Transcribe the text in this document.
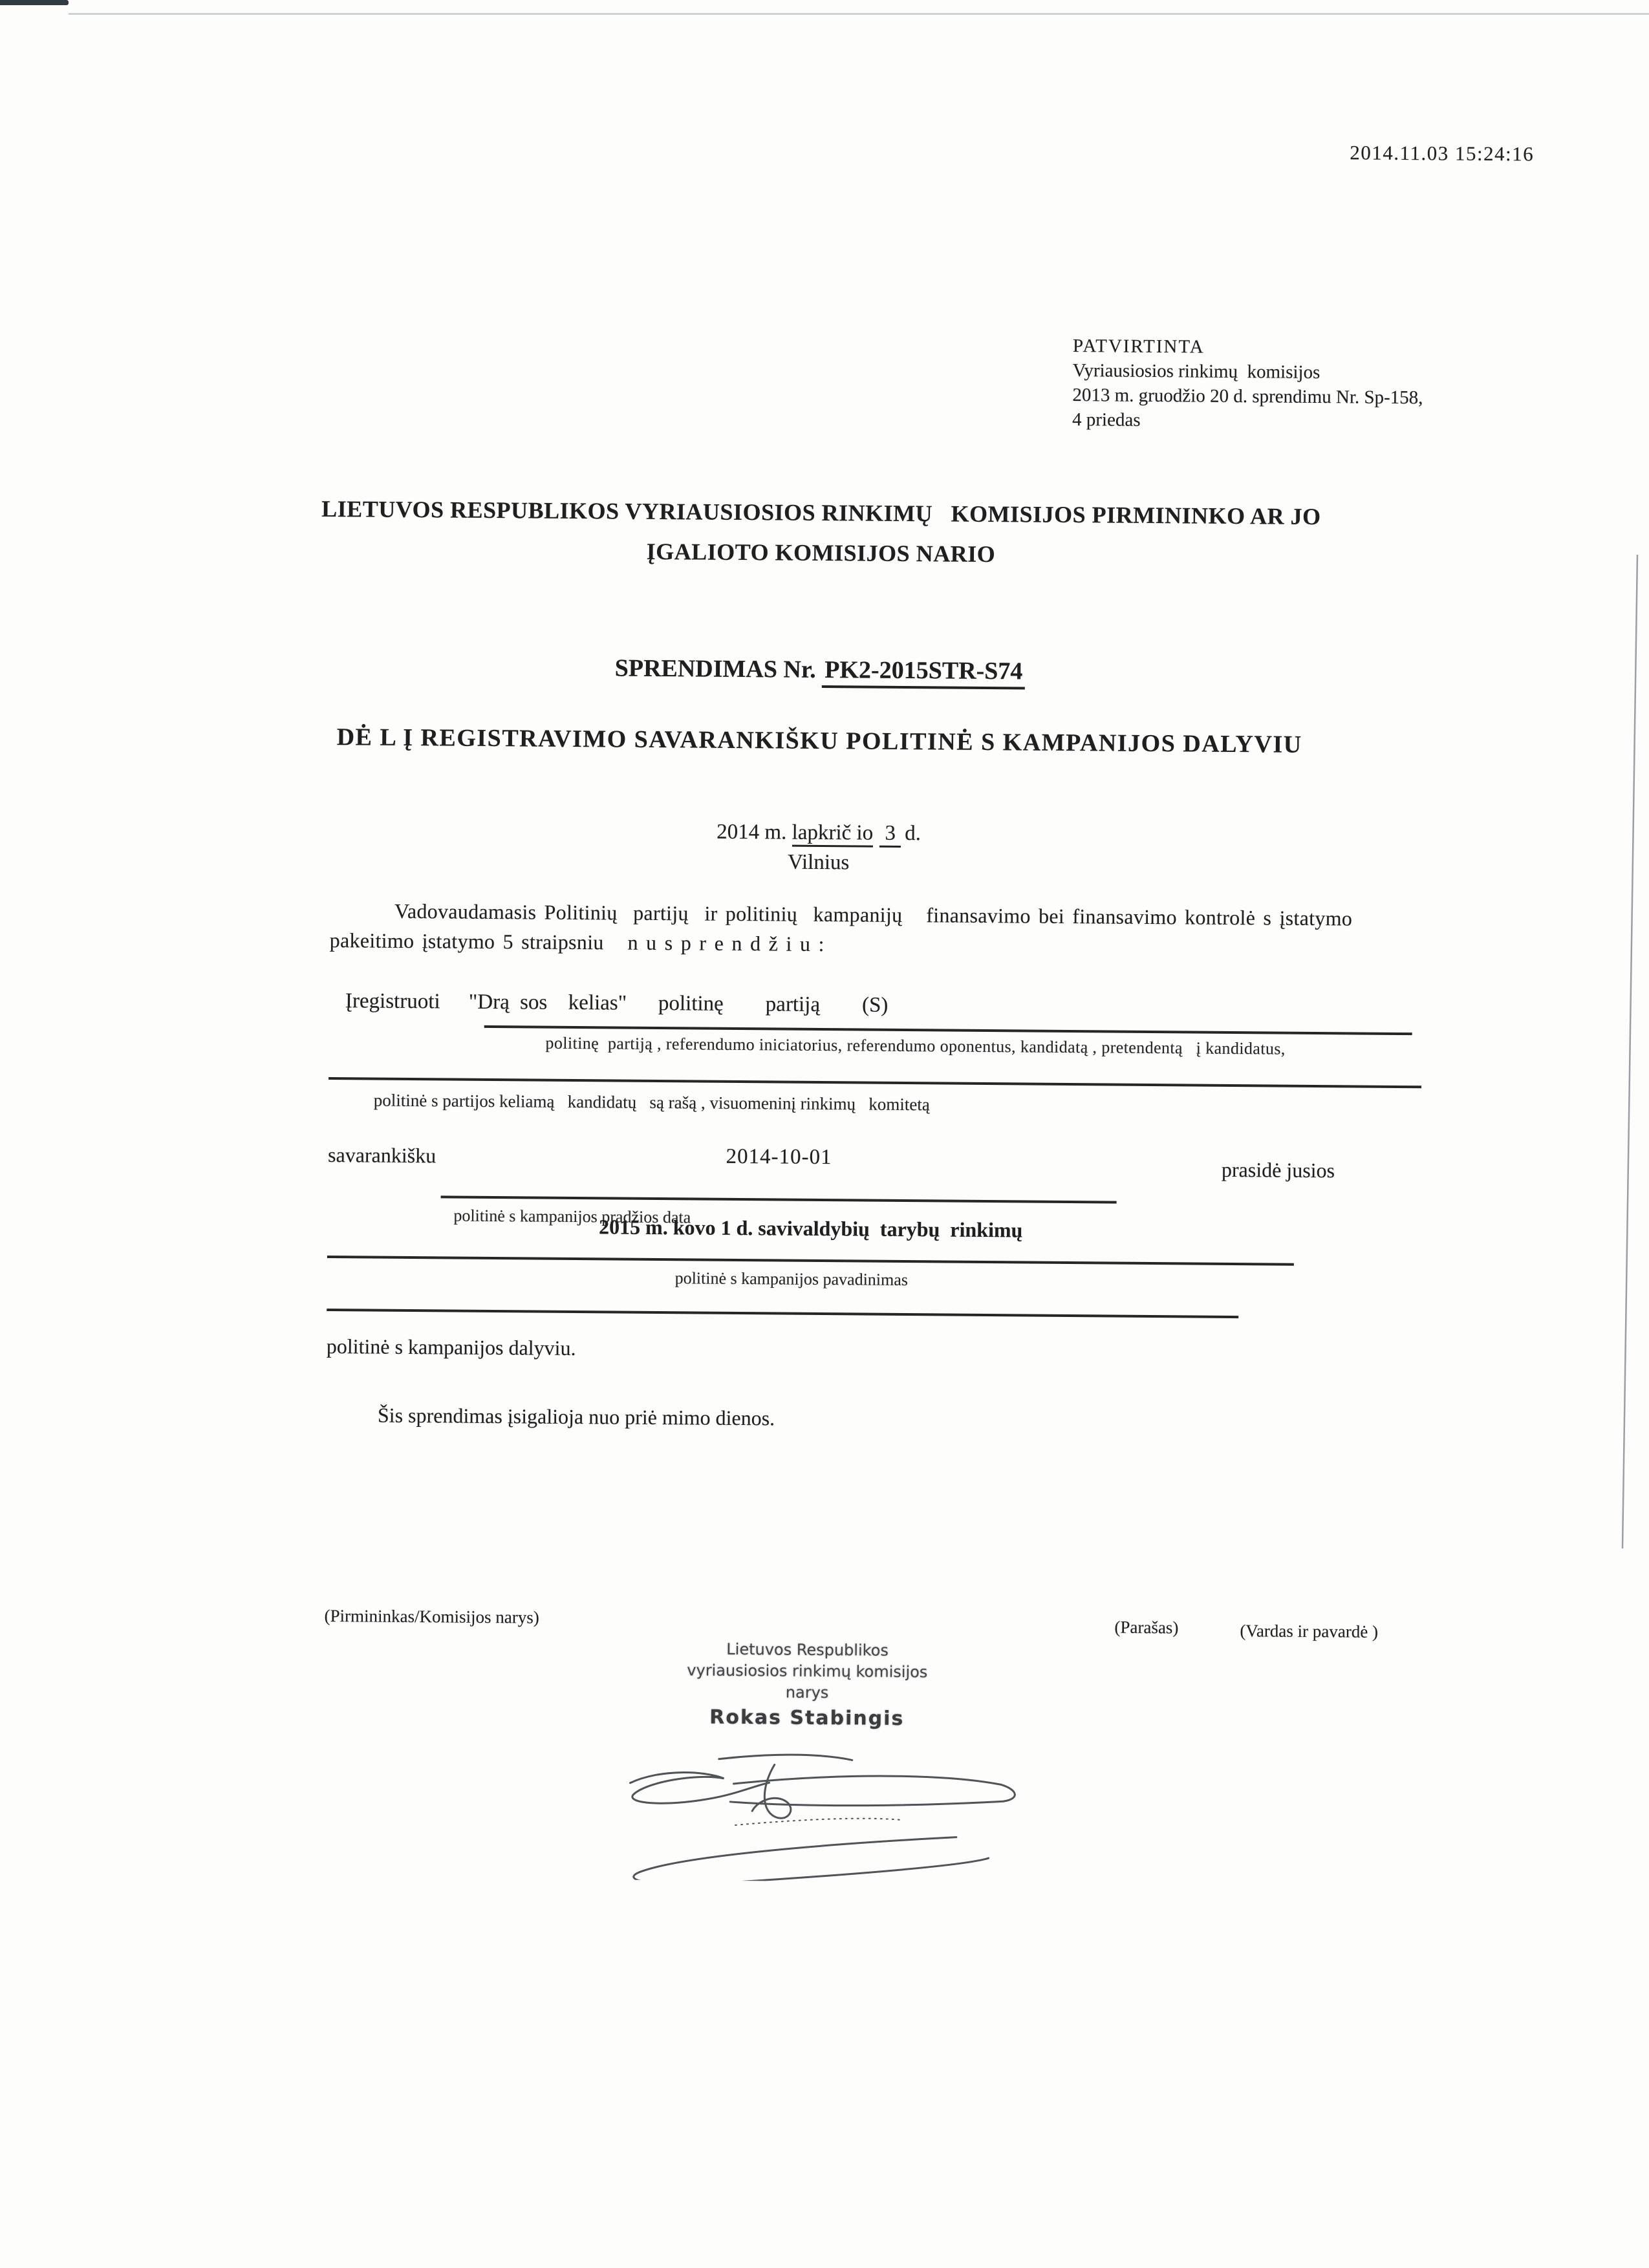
2014.11.03 15:24:16
PATVIRTINTA
Vyriausiosios rinkimų  komisijos
2013 m. gruodžio 20 d. sprendimu Nr. Sp-158,
4 priedas
LIETUVOS RESPUBLIKOS VYRIAUSIOSIOS RINKIMŲ   KOMISIJOS PIRMININKO AR JO
ĮGALIOTO KOMISIJOS NARIO
SPRENDIMAS Nr. PK2-2015STR-S74
DĖ L Į REGISTRAVIMO SAVARANKIŠKU POLITINĖ S KAMPANIJOS DALYVIU
2014 m. lapkrič io 3 d.
Vilnius
Vadovaudamasis Politinių  partijų  ir politinių  kampanijų   finansavimo bei finansavimo kontrolė s įstatymo
pakeitimo įstatymo 5 straipsniu   n u s p r e n d ž i u :
Įregistruoti "Drą sos  kelias"   politinę    partiją    (S)
politinę  partiją , referendumo iniciatorius, referendumo oponentus, kandidatą , pretendentą   į kandidatus,
politinė s partijos keliamą   kandidatų   są rašą , visuomeninį rinkimų   komitetą
savarankišku	2014-10-01
prasidė jusios
politinė s kampanijos pradžios data
2015 m. kovo 1 d. savivaldybių  tarybų  rinkimų
politinė s kampanijos pavadinimas
politinė s kampanijos dalyviu.
Šis sprendimas įsigalioja nuo priė mimo dienos.
(Pirmininkas/Komisijos narys)
(Parašas)	(Vardas ir pavardė )
Lietuvos Respublikos
vyriausiosios rinkimų komisijos
narys
Rokas Stabingis
